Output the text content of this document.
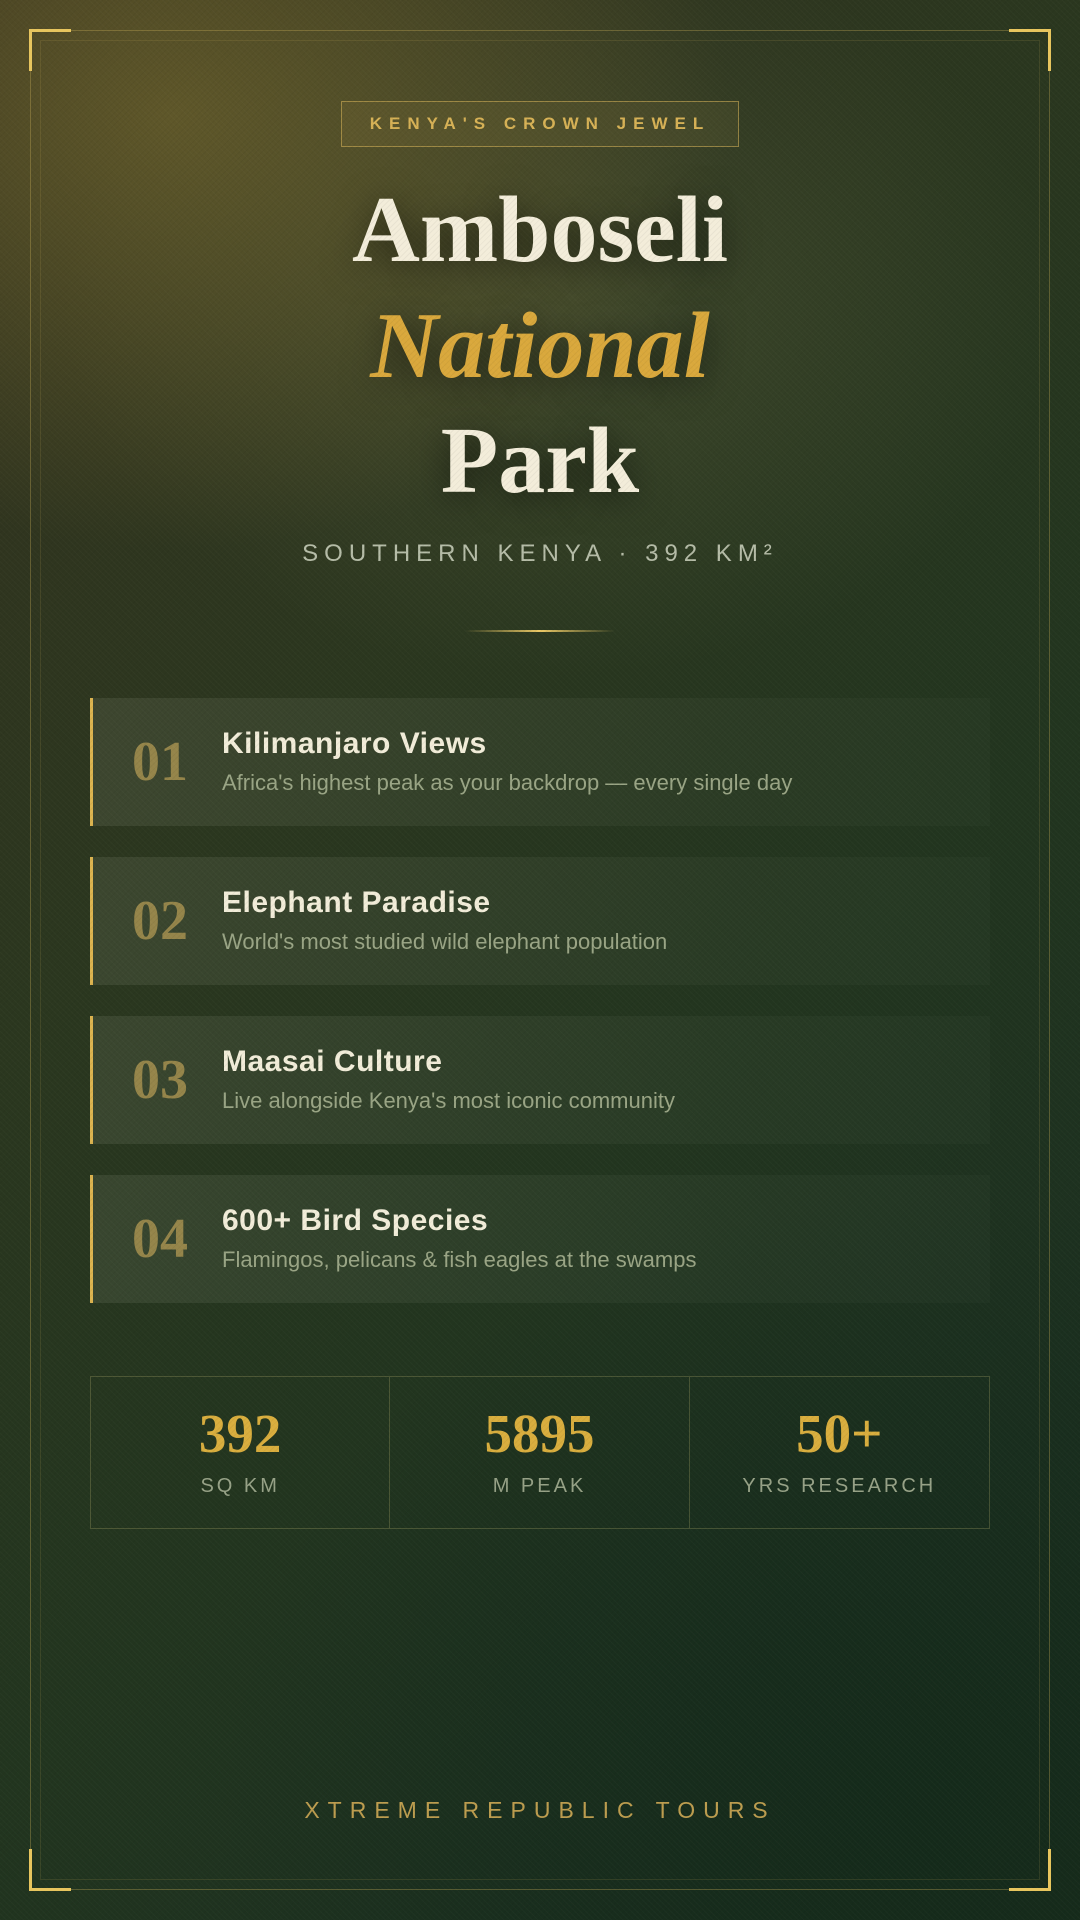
KENYA'S CROWN JEWEL
Amboseli
National
Park
SOUTHERN KENYA · 392 KM²
01	Kilimanjaro Views
Africa's highest peak as your backdrop — every single day
02	Elephant Paradise
World's most studied wild elephant population
03	Maasai Culture
Live alongside Kenya's most iconic community
04	600+ Bird Species
Flamingos, pelicans & fish eagles at the swamps
392
SQ KM
5895
M PEAK
50+
YRS RESEARCH
XTREME REPUBLIC TOURS
